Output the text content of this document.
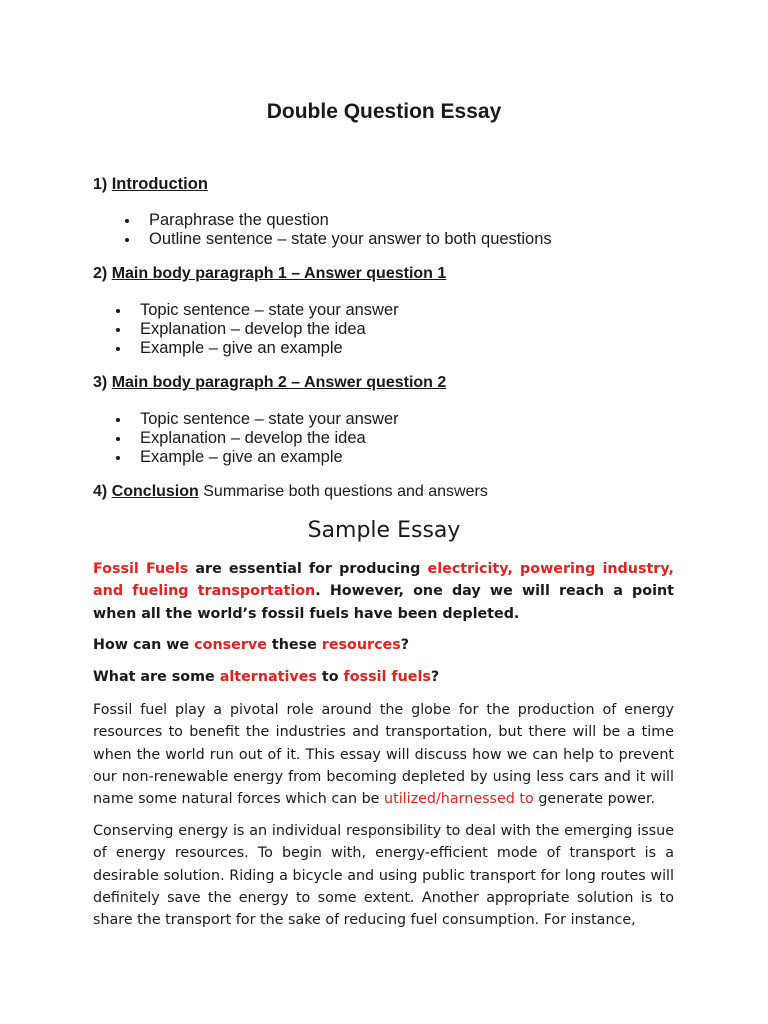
Double Question Essay
1) Introduction
Paraphrase the question
Outline sentence – state your answer to both questions
2) Main body paragraph 1 – Answer question 1
Topic sentence – state your answer
Explanation – develop the idea
Example – give an example
3) Main body paragraph 2 – Answer question 2
Topic sentence – state your answer
Explanation – develop the idea
Example – give an example
4) Conclusion Summarise both questions and answers
Sample Essay
Fossil Fuels are essential for producing electricity, powering industry, and fueling transportation. However, one day we will reach a point when all the world’s fossil fuels have been depleted.
How can we conserve these resources?
What are some alternatives to fossil fuels?
Fossil fuel play a pivotal role around the globe for the production of energy resources to benefit the industries and transportation, but there will be a time when the world run out of it. This essay will discuss how we can help to prevent our non-renewable energy from becoming depleted by using less cars and it will name some natural forces which can be utilized/harnessed to generate power.
Conserving energy is an individual responsibility to deal with the emerging issue of energy resources. To begin with, energy-efficient mode of transport is a desirable solution. Riding a bicycle and using public transport for long routes will definitely save the energy to some extent. Another appropriate solution is to share the transport for the sake of reducing fuel consumption. For instance,
